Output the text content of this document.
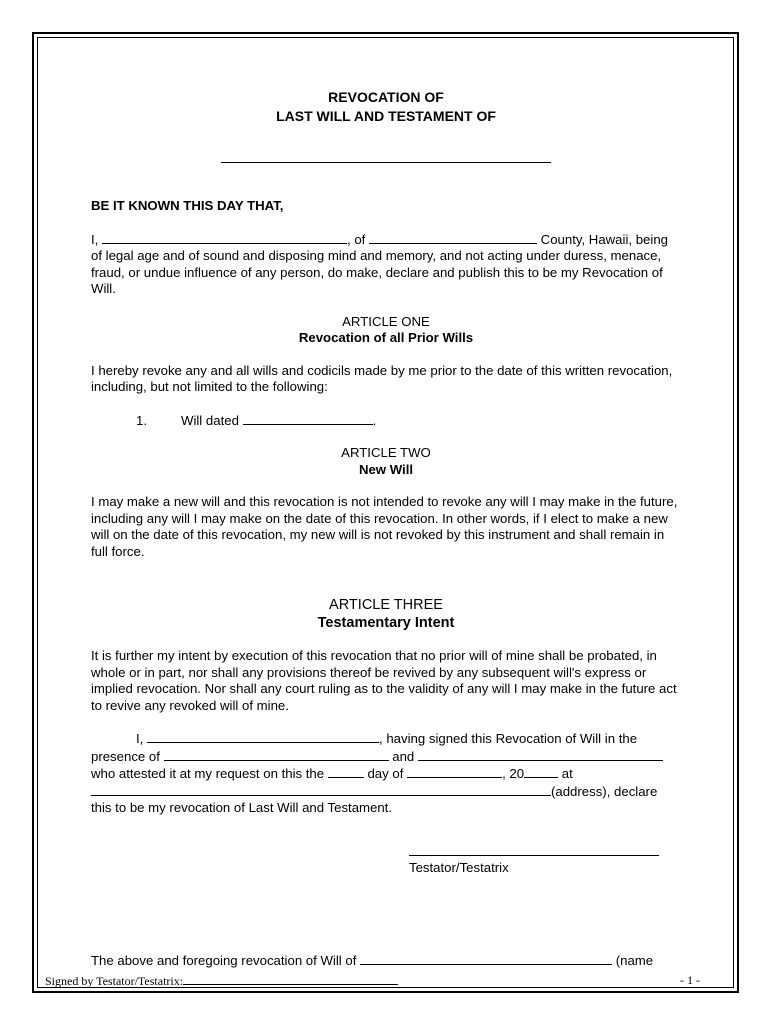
REVOCATION OF
LAST WILL AND TESTAMENT OF
BE IT KNOWN THIS DAY THAT,
I,	, of	County, Hawaii, being of legal age and of sound and disposing mind and memory, and not acting under duress, menace, fraud, or undue influence of any person, do make, declare and publish this to be my Revocation of Will.
ARTICLE ONE
Revocation of all Prior Wills
I hereby revoke any and all wills and codicils made by me prior to the date of this written revocation, including, but not limited to the following:
1.	Will dated	.
ARTICLE TWO
New Will
I may make a new will and this revocation is not intended to revoke any will I may make in the future, including any will I may make on the date of this revocation. In other words, if I elect to make a new will on the date of this revocation, my new will is not revoked by this instrument and shall remain in full force.
ARTICLE THREE
Testamentary Intent
It is further my intent by execution of this revocation that no prior will of mine shall be probated, in whole or in part, nor shall any provisions thereof be revived by any subsequent will's express or implied revocation. Nor shall any court ruling as to the validity of any will I may make in the future act to revive any revoked will of mine.
I,	, having signed this Revocation of Will in the
presence of	and
who attested it at my request on this the	day of	, 20	at
(address), declare
this to be my revocation of Last Will and Testament.
Testator/Testatrix
The above and foregoing revocation of Will of	(name
Signed by Testator/Testatrix:	- 1 -
